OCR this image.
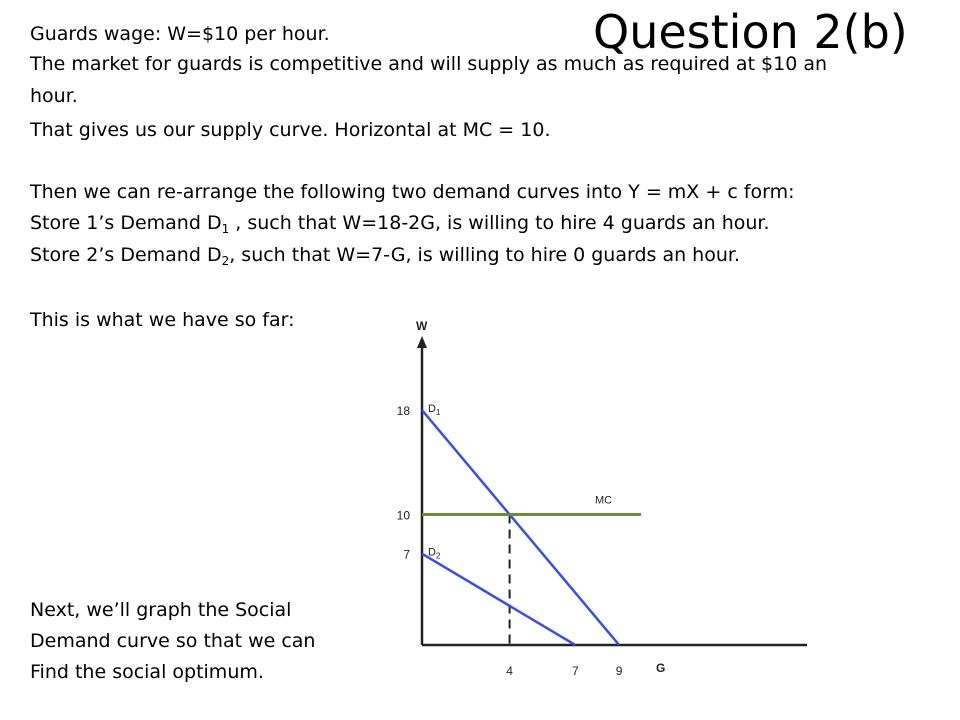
Question 2(b)
Guards wage: W=$10 per hour.
The market for guards is competitive and will supply as much as required at $10 an
hour.
That gives us our supply curve. Horizontal at MC = 10.
Then we can re-arrange the following two demand curves into Y = mX + c form:
Store 1’s Demand $D_1$ , such that W=18-2G, is willing to hire 4 guards an hour.
Store 2’s Demand $D_2$, such that W=7-G, is willing to hire 0 guards an hour.
This is what we have so far:
Next, we’ll graph the Social
Demand curve so that we can
Find the social optimum.
W
G
$D_1$
$D_2$
MC
4	7	9
7
10
18
